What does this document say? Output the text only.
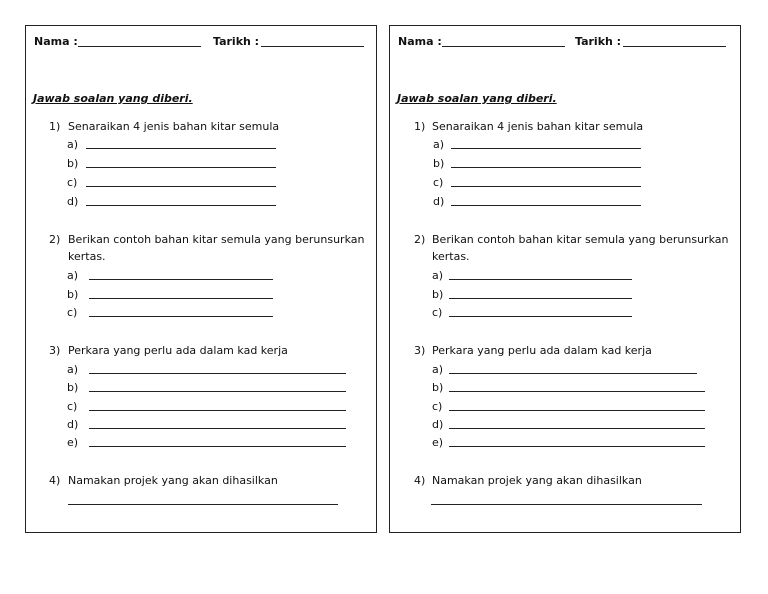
Nama :	Tarikh :
Jawab soalan yang diberi.
1) Senaraikan 4 jenis bahan kitar semula
a)
b)
c)
d)
2) Berikan contoh bahan kitar semula yang berunsurkan
kertas.
a)
b)
c)
3) Perkara yang perlu ada dalam kad kerja
a)
b)
c)
d)
e)
4) Namakan projek yang akan dihasilkan
Nama :	Tarikh :
Jawab soalan yang diberi.
1) Senaraikan 4 jenis bahan kitar semula
a)
b)
c)
d)
2) Berikan contoh bahan kitar semula yang berunsurkan
kertas.
a)
b)
c)
3) Perkara yang perlu ada dalam kad kerja
a)
b)
c)
d)
e)
4) Namakan projek yang akan dihasilkan
